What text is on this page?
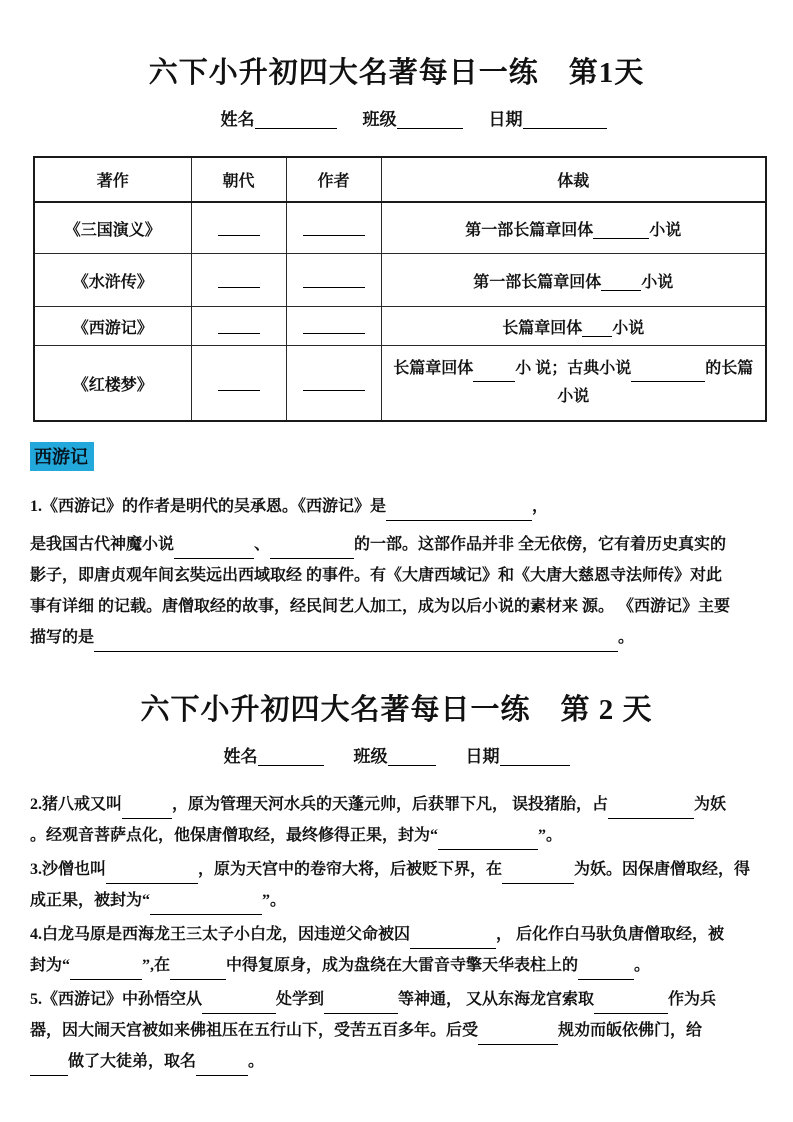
六下小升初四大名著每日一练　第1天
姓名	班级	日期
著作	朝代	作者	体裁
《三国演义》			第一部长篇章回体 小说
《水浒传》			第一部长篇章回体 小说
《西游记》			长篇章回体 小说
《红楼梦》			长篇章回体 小 说；古典小说 的长篇
小说
西游记
1.《西游记》的作者是明代的吴承恩。《西游记》是	，
是我国古代神魔小说	、	的一部。这部作品并非 全无依傍，它有着历史真实的
影子，即唐贞观年间玄奘远出西域取经 的事件。有《大唐西域记》和《大唐大慈恩寺法师传》对此
事有详细 的记载。唐僧取经的故事，经民间艺人加工，成为以后小说的素材来 源。 《西游记》主要
描写的是	。
六下小升初四大名著每日一练　第 2 天
姓名	班级	日期
2.猪八戒又叫	，原为管理天河水兵的天蓬元帅，后获罪下凡， 误投猪胎，占	为妖
。经观音菩萨点化，他保唐僧取经，最终修得正果，封为“	”。
3.沙僧也叫	，原为天宫中的卷帘大将，后被贬下界，在	为妖。因保唐僧取经，得
成正果，被封为“	”。
4.白龙马原是西海龙王三太子小白龙，因违逆父命被囚	， 后化作白马驮负唐僧取经，被
封为“	”,在	中得复原身，成为盘绕在大雷音寺擎天华表柱上的	。
5.《西游记》中孙悟空从	处学到	等神通， 又从东海龙宫索取	作为兵
器，因大闹天宫被如来佛祖压在五行山下，受苦五百多年。后受	规劝而皈依佛门，给
做了大徒弟，取名	。
